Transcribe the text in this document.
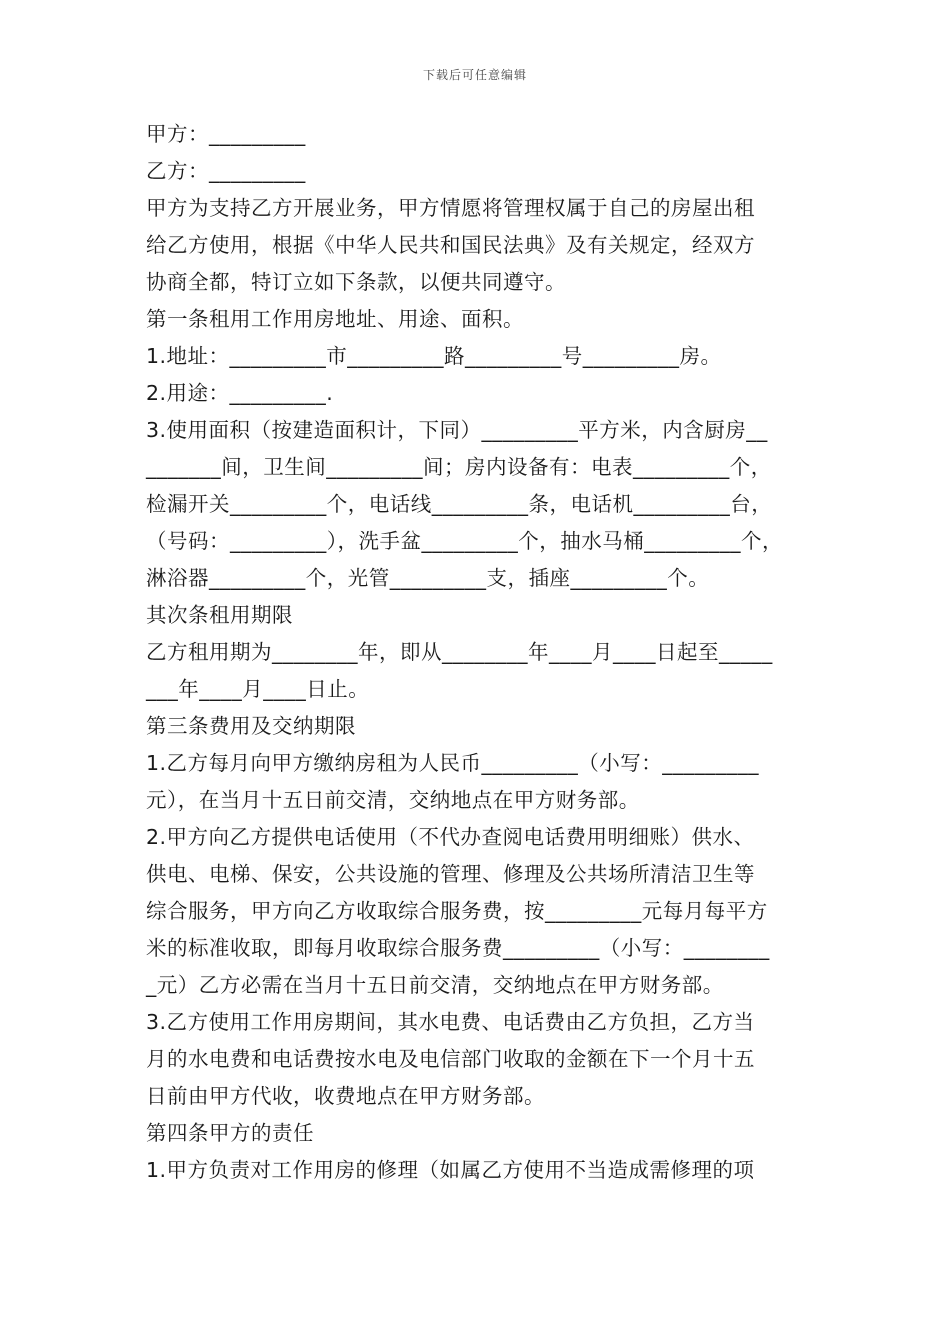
下载后可任意编辑
甲方：_________
乙方：_________
甲方为支持乙方开展业务，甲方情愿将管理权属于自己的房屋出租
给乙方使用，根据《中华人民共和国民法典》及有关规定，经双方
协商全都，特订立如下条款，以便共同遵守。
第一条租用工作用房地址、用途、面积。
1.地址：_________市_________路_________号_________房。
2.用途：_________.
3.使用面积（按建造面积计，下同）_________平方米，内含厨房__
_______间，卫生间_________间；房内设备有：电表_________个，
检漏开关_________个，电话线_________条，电话机_________台，
（号码：_________），洗手盆_________个，抽水马桶_________个，
淋浴器_________个，光管_________支，插座_________个。
其次条租用期限
乙方租用期为________年，即从________年____月____日起至_____
___年____月____日止。
第三条费用及交纳期限
1.乙方每月向甲方缴纳房租为人民币_________（小写：_________
元），在当月十五日前交清，交纳地点在甲方财务部。
2.甲方向乙方提供电话使用（不代办查阅电话费用明细账）供水、
供电、电梯、保安，公共设施的管理、修理及公共场所清洁卫生等
综合服务，甲方向乙方收取综合服务费，按_________元每月每平方
米的标准收取，即每月收取综合服务费_________（小写：________
_元）乙方必需在当月十五日前交清，交纳地点在甲方财务部。
3.乙方使用工作用房期间，其水电费、电话费由乙方负担，乙方当
月的水电费和电话费按水电及电信部门收取的金额在下一个月十五
日前由甲方代收，收费地点在甲方财务部。
第四条甲方的责任
1.甲方负责对工作用房的修理（如属乙方使用不当造成需修理的项
